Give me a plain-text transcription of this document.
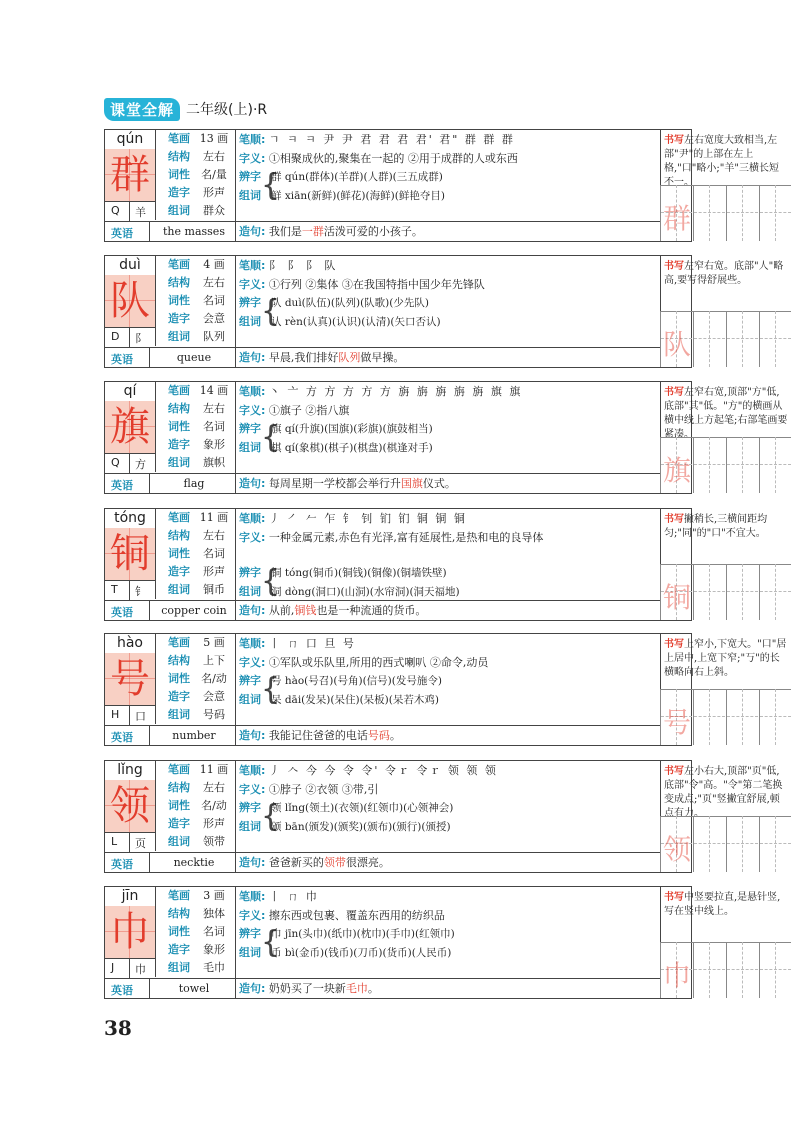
课堂全解 二年级(上)·R
qún
群
Q 羊
笔画 13 画
结构	左右
词性	名/量
造字	形声
组词	群众
英语	the masses
笔顺: ㄱ ㅋ ㅋ 尹 尹 君 君 君 君' 君" 群 群 群
字义: ①相聚成伙的,聚集在一起的 ②用于成群的人或东西
辨字
组词 {
群 qún(群体)(羊群)(人群)(三五成群)
鲜 xiān(新鲜)(鲜花)(海鲜)(鲜艳夺目)
造句: 我们是一群活泼可爱的小孩子。
书写左右宽度大致相当,左部"尹"的上部在左上格,"口"略小;"羊"三横长短不一。
群
duì
队
D 阝
笔画	4 画
结构	左右
词性	名词
造字	会意
组词	队列
英语	queue
笔顺: 阝 阝 阝 队
字义: ①行列 ②集体 ③在我国特指中国少年先锋队
辨字
组词 {
队 duì(队伍)(队列)(队歌)(少先队)
认 rèn(认真)(认识)(认清)(矢口否认)
造句: 早晨,我们排好队列做早操。
书写左窄右宽。底部"人"略高,要写得舒展些。
队
qí
旗
Q 方
笔画 14 画
结构	左右
词性	名词
造字	象形
组词	旗帜
英语	flag
笔顺: 丶 亠 方 方 方 方 方 旃 旃 旃 旃 旃 旗 旗
字义: ①旗子 ②指八旗
辨字
组词 {
旗 qí(升旗)(国旗)(彩旗)(旗鼓相当)
棋 qí(象棋)(棋子)(棋盘)(棋逢对手)
造句: 每周星期一学校都会举行升国旗仪式。
书写左窄右宽,顶部"方"低,底部"其"低。"方"的横画从横中线上方起笔;右部笔画要紧凑。
旗
tóng
铜
T 钅
笔画 11 画
结构	左右
词性	名词
造字	形声
组词	铜币
英语	copper coin
笔顺: 丿 ㇒ 𠂉 乍 钅 钊 钔 钔 铜 铜 铜
字义: 一种金属元素,赤色有光泽,富有延展性,是热和电的良导体
辨字
组词 {
铜 tóng(铜币)(铜钱)(铜像)(铜墙铁壁)
洞 dòng(洞口)(山洞)(水帘洞)(洞天福地)
造句: 从前,铜钱也是一种流通的货币。
书写撇稍长,三横间距均匀;"同"的"口"不宜大。
铜
hào
号
H 口
笔画	5 画
结构	上下
词性	名/动
造字	会意
组词	号码
英语	number
笔顺: 丨 ㄇ 口 旦 号
字义: ①军队或乐队里,所用的西式喇叭 ②命令,动员
辨字
组词 {
号 hào(号召)(号角)(信号)(发号施令)
呆 dāi(发呆)(呆住)(呆板)(呆若木鸡)
造句: 我能记住爸爸的电话号码。
书写上窄小,下宽大。"口"居上居中,上宽下窄;"丂"的长横略向右上斜。
号
lǐng
领
L 页
笔画 11 画
结构	左右
词性	名/动
造字	形声
组词	领带
英语	necktie
笔顺: 丿 𠆢 今 今 令 令' 令ｒ 令ｒ 领 领 领
字义: ①脖子 ②衣领 ③带,引
辨字
组词 {
领 lǐng(领土)(衣领)(红领巾)(心领神会)
颁 bān(颁发)(颁奖)(颁布)(颁行)(颁授)
造句: 爸爸新买的领带很漂亮。
书写左小右大,顶部"页"低,底部"令"高。"令"第二笔换变成点;"页"竖撇宜舒展,顿点有力。
领
jīn
巾
J 巾
笔画	3 画
结构	独体
词性	名词
造字	象形
组词	毛巾
英语	towel
笔顺: 丨 ㄇ 巾
字义: 擦东西或包裹、覆盖东西用的纺织品
辨字
组词 {
巾 jīn(头巾)(纸巾)(枕巾)(手巾)(红领巾)
币 bì(金币)(钱币)(刀币)(货币)(人民币)
造句: 奶奶买了一块新毛巾。
书写中竖要拉直,是悬针竖,写在竖中线上。
巾
38
